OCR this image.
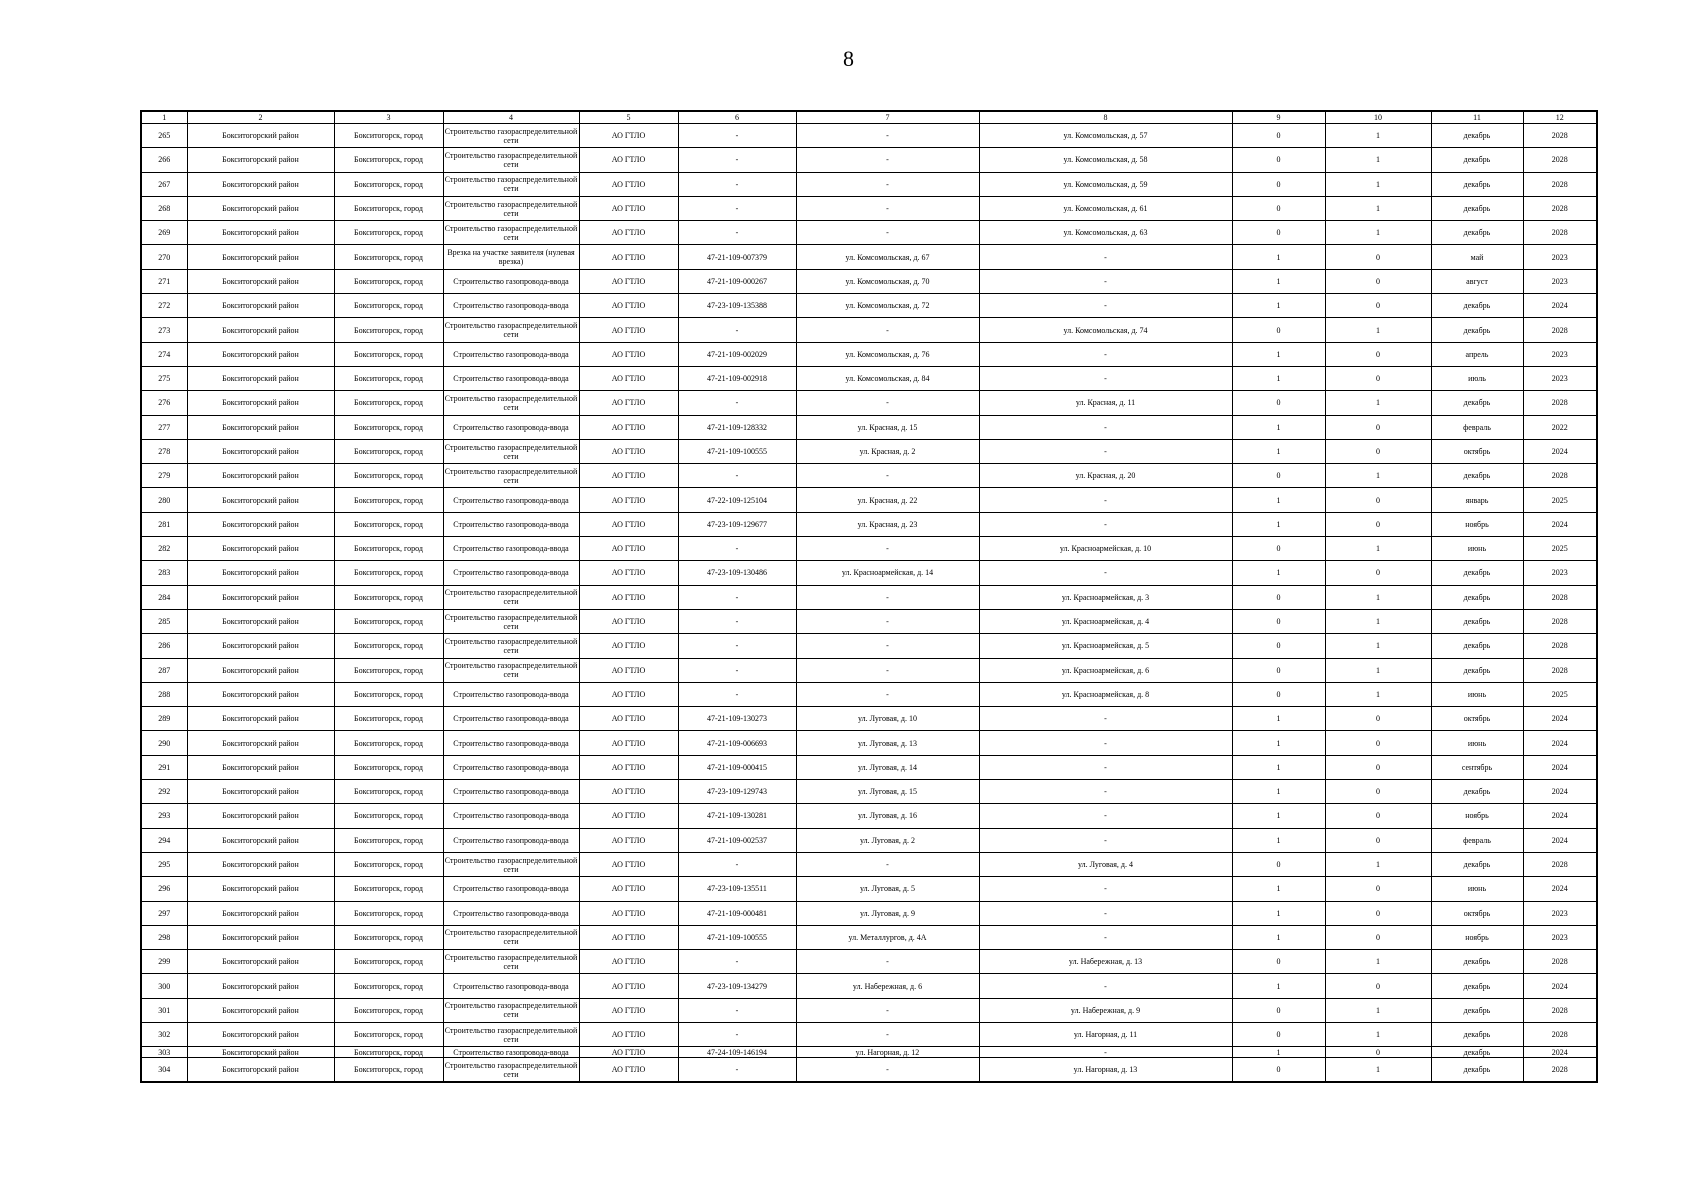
8
1	2	3	4	5	6	7	8	9	10	11	12
265	Бокситогорский район	Бокситогорск, город	Строительство газораспределительной сети	АО ГТЛО	-	-	ул. Комсомольская, д. 57	0	1	декабрь	2028
266	Бокситогорский район	Бокситогорск, город	Строительство газораспределительной сети	АО ГТЛО	-	-	ул. Комсомольская, д. 58	0	1	декабрь	2028
267	Бокситогорский район	Бокситогорск, город	Строительство газораспределительной сети	АО ГТЛО	-	-	ул. Комсомольская, д. 59	0	1	декабрь	2028
268	Бокситогорский район	Бокситогорск, город	Строительство газораспределительной сети	АО ГТЛО	-	-	ул. Комсомольская, д. 61	0	1	декабрь	2028
269	Бокситогорский район	Бокситогорск, город	Строительство газораспределительной сети	АО ГТЛО	-	-	ул. Комсомольская, д. 63	0	1	декабрь	2028
270	Бокситогорский район	Бокситогорск, город	Врезка на участке заявителя (нулевая врезка)	АО ГТЛО	47-21-109-007379	ул. Комсомольская, д. 67	-	1	0	май	2023
271	Бокситогорский район	Бокситогорск, город	Строительство газопровода-ввода	АО ГТЛО	47-21-109-000267	ул. Комсомольская, д. 70	-	1	0	август	2023
272	Бокситогорский район	Бокситогорск, город	Строительство газопровода-ввода	АО ГТЛО	47-23-109-135388	ул. Комсомольская, д. 72	-	1	0	декабрь	2024
273	Бокситогорский район	Бокситогорск, город	Строительство газораспределительной сети	АО ГТЛО	-	-	ул. Комсомольская, д. 74	0	1	декабрь	2028
274	Бокситогорский район	Бокситогорск, город	Строительство газопровода-ввода	АО ГТЛО	47-21-109-002029	ул. Комсомольская, д. 76	-	1	0	апрель	2023
275	Бокситогорский район	Бокситогорск, город	Строительство газопровода-ввода	АО ГТЛО	47-21-109-002918	ул. Комсомольская, д. 84	-	1	0	июль	2023
276	Бокситогорский район	Бокситогорск, город	Строительство газораспределительной сети	АО ГТЛО	-	-	ул. Красная, д. 11	0	1	декабрь	2028
277	Бокситогорский район	Бокситогорск, город	Строительство газопровода-ввода	АО ГТЛО	47-21-109-128332	ул. Красная, д. 15	-	1	0	февраль	2022
278	Бокситогорский район	Бокситогорск, город	Строительство газораспределительной сети	АО ГТЛО	47-21-109-100555	ул. Красная, д. 2	-	1	0	октябрь	2024
279	Бокситогорский район	Бокситогорск, город	Строительство газораспределительной сети	АО ГТЛО	-	-	ул. Красная, д. 20	0	1	декабрь	2028
280	Бокситогорский район	Бокситогорск, город	Строительство газопровода-ввода	АО ГТЛО	47-22-109-125104	ул. Красная, д. 22	-	1	0	январь	2025
281	Бокситогорский район	Бокситогорск, город	Строительство газопровода-ввода	АО ГТЛО	47-23-109-129677	ул. Красная, д. 23	-	1	0	ноябрь	2024
282	Бокситогорский район	Бокситогорск, город	Строительство газопровода-ввода	АО ГТЛО	-	-	ул. Красноармейская, д. 10	0	1	июнь	2025
283	Бокситогорский район	Бокситогорск, город	Строительство газопровода-ввода	АО ГТЛО	47-23-109-130486	ул. Красноармейская, д. 14	-	1	0	декабрь	2023
284	Бокситогорский район	Бокситогорск, город	Строительство газораспределительной сети	АО ГТЛО	-	-	ул. Красноармейская, д. 3	0	1	декабрь	2028
285	Бокситогорский район	Бокситогорск, город	Строительство газораспределительной сети	АО ГТЛО	-	-	ул. Красноармейская, д. 4	0	1	декабрь	2028
286	Бокситогорский район	Бокситогорск, город	Строительство газораспределительной сети	АО ГТЛО	-	-	ул. Красноармейская, д. 5	0	1	декабрь	2028
287	Бокситогорский район	Бокситогорск, город	Строительство газораспределительной сети	АО ГТЛО	-	-	ул. Красноармейская, д. 6	0	1	декабрь	2028
288	Бокситогорский район	Бокситогорск, город	Строительство газопровода-ввода	АО ГТЛО	-	-	ул. Красноармейская, д. 8	0	1	июнь	2025
289	Бокситогорский район	Бокситогорск, город	Строительство газопровода-ввода	АО ГТЛО	47-21-109-130273	ул. Луговая, д. 10	-	1	0	октябрь	2024
290	Бокситогорский район	Бокситогорск, город	Строительство газопровода-ввода	АО ГТЛО	47-21-109-006693	ул. Луговая, д. 13	-	1	0	июнь	2024
291	Бокситогорский район	Бокситогорск, город	Строительство газопровода-ввода	АО ГТЛО	47-21-109-000415	ул. Луговая, д. 14	-	1	0	сентябрь	2024
292	Бокситогорский район	Бокситогорск, город	Строительство газопровода-ввода	АО ГТЛО	47-23-109-129743	ул. Луговая, д. 15	-	1	0	декабрь	2024
293	Бокситогорский район	Бокситогорск, город	Строительство газопровода-ввода	АО ГТЛО	47-21-109-130281	ул. Луговая, д. 16	-	1	0	ноябрь	2024
294	Бокситогорский район	Бокситогорск, город	Строительство газопровода-ввода	АО ГТЛО	47-21-109-002537	ул. Луговая, д. 2	-	1	0	февраль	2024
295	Бокситогорский район	Бокситогорск, город	Строительство газораспределительной сети	АО ГТЛО	-	-	ул. Луговая, д. 4	0	1	декабрь	2028
296	Бокситогорский район	Бокситогорск, город	Строительство газопровода-ввода	АО ГТЛО	47-23-109-135511	ул. Луговая, д. 5	-	1	0	июнь	2024
297	Бокситогорский район	Бокситогорск, город	Строительство газопровода-ввода	АО ГТЛО	47-21-109-000481	ул. Луговая, д. 9	-	1	0	октябрь	2023
298	Бокситогорский район	Бокситогорск, город	Строительство газораспределительной сети	АО ГТЛО	47-21-109-100555	ул. Металлургов, д. 4А	-	1	0	ноябрь	2023
299	Бокситогорский район	Бокситогорск, город	Строительство газораспределительной сети	АО ГТЛО	-	-	ул. Набережная, д. 13	0	1	декабрь	2028
300	Бокситогорский район	Бокситогорск, город	Строительство газопровода-ввода	АО ГТЛО	47-23-109-134279	ул. Набережная, д. 6	-	1	0	декабрь	2024
301	Бокситогорский район	Бокситогорск, город	Строительство газораспределительной сети	АО ГТЛО	-	-	ул. Набережная, д. 9	0	1	декабрь	2028
302	Бокситогорский район	Бокситогорск, город	Строительство газораспределительной сети	АО ГТЛО	-	-	ул. Нагорная, д. 11	0	1	декабрь	2028
303	Бокситогорский район	Бокситогорск, город	Строительство газопровода-ввода	АО ГТЛО	47-24-109-146194	ул. Нагорная, д. 12	-	1	0	декабрь	2024
304	Бокситогорский район	Бокситогорск, город	Строительство газораспределительной сети	АО ГТЛО	-	-	ул. Нагорная, д. 13	0	1	декабрь	2028
